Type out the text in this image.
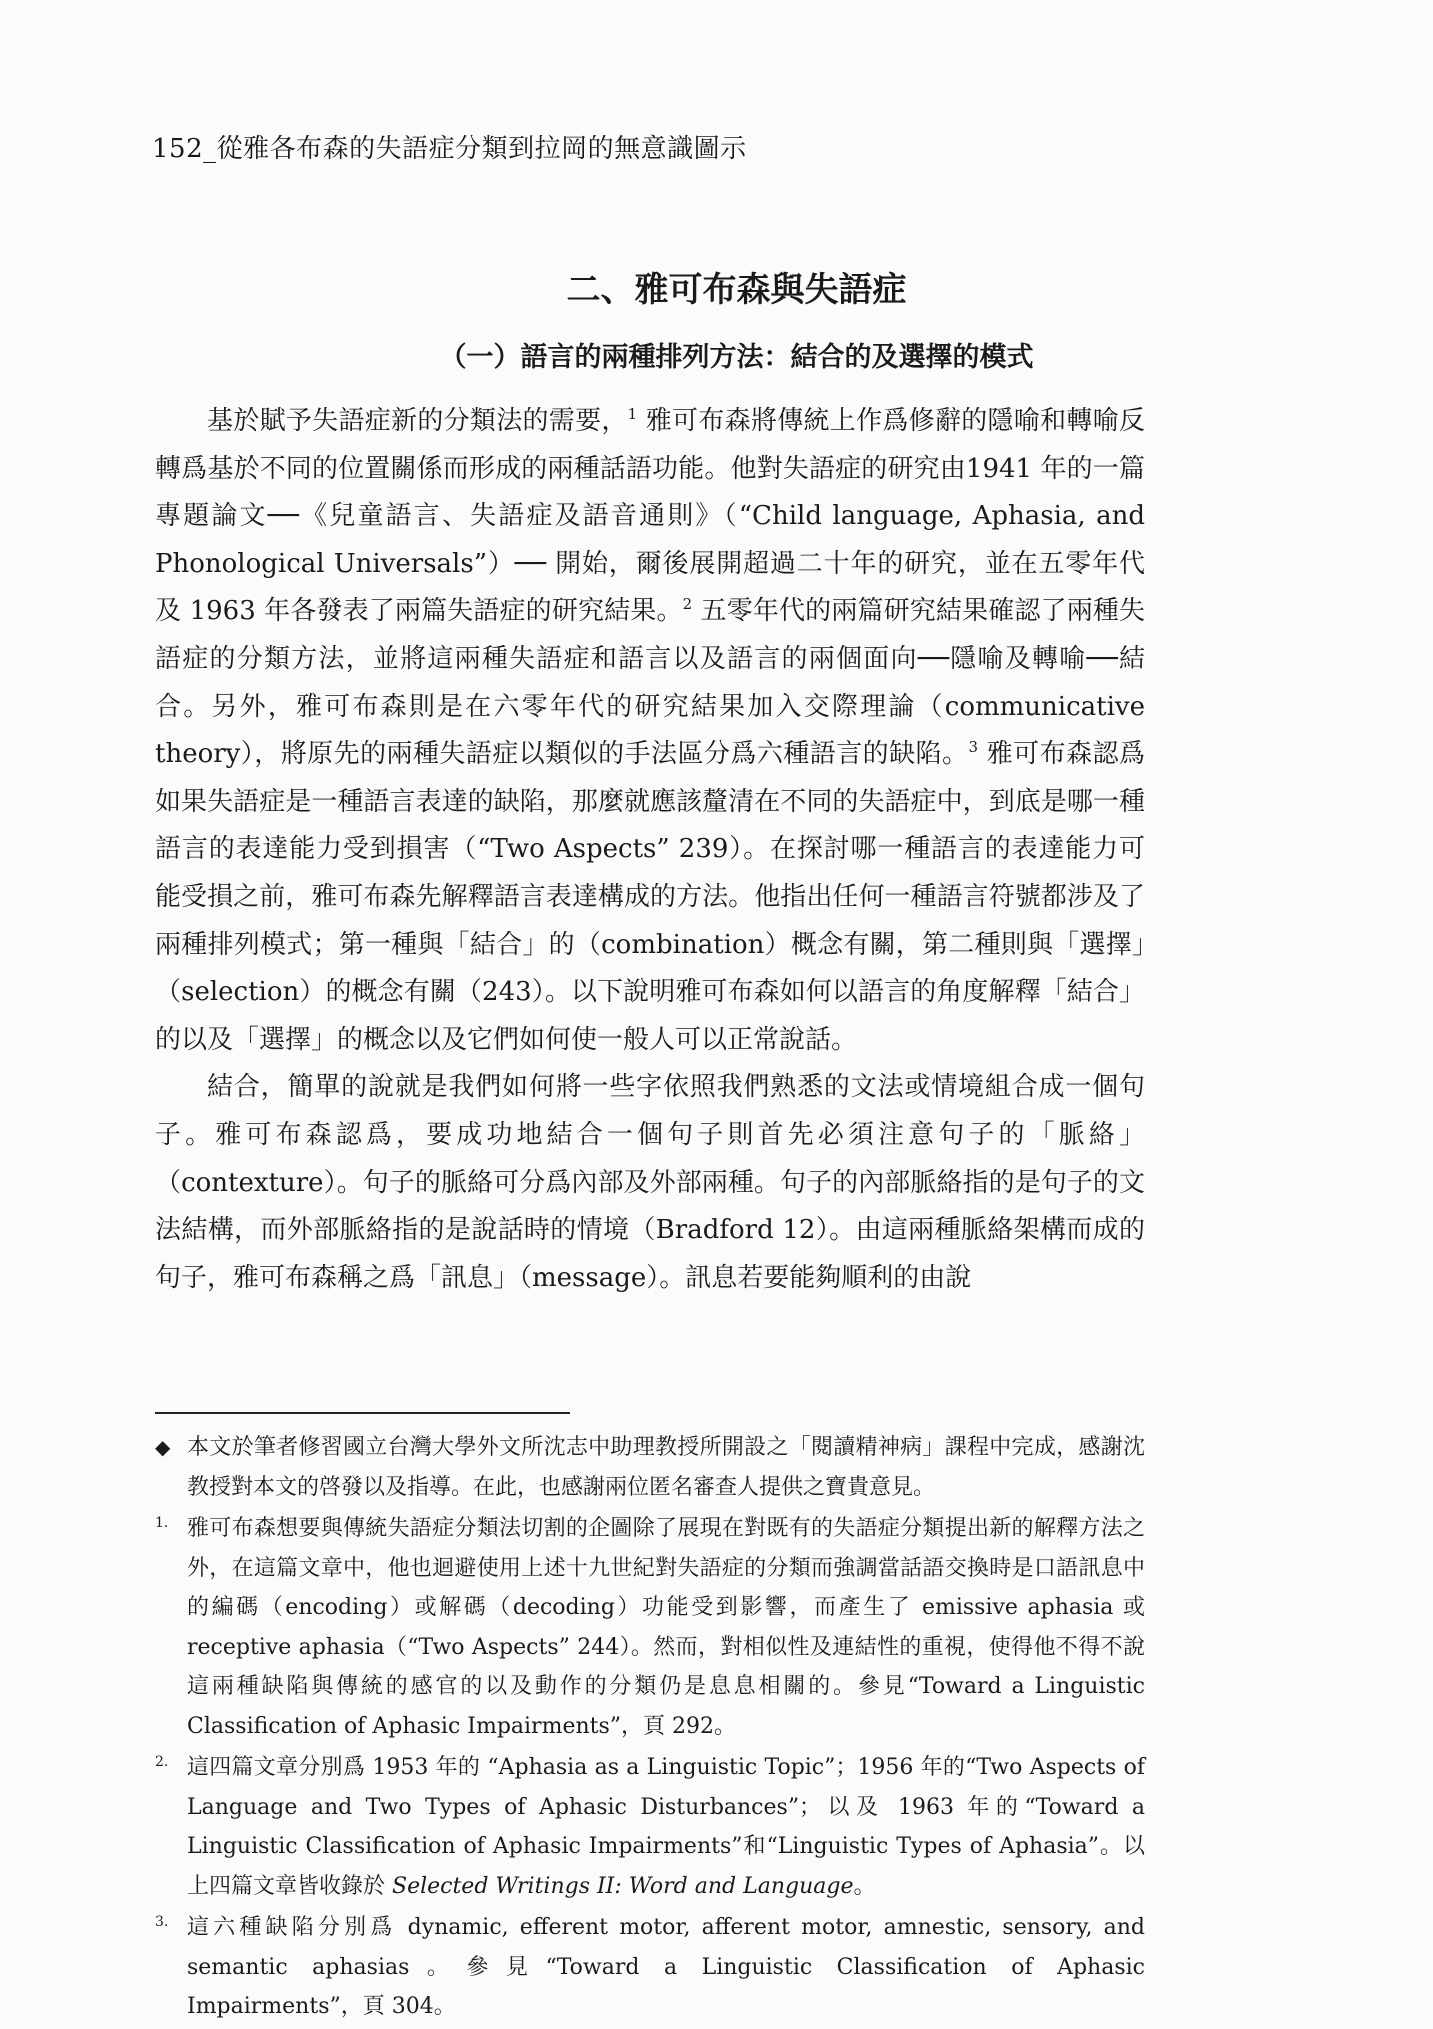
152_從雅各布森的失語症分類到拉岡的無意識圖示
二、雅可布森與失語症
（一）語言的兩種排列方法：結合的及選擇的模式

基於賦予失語症新的分類法的需要，$^1$ 雅可布森將傳統上作爲修辭的隱喻和轉喻反轉爲基於不同的位置關係而形成的兩種話語功能。他對失語症的研究由1941 年的一篇專題論文──《兒童語言、失語症及語音通則》（“Child language, Aphasia, and Phonological Universals”）── 開始，爾後展開超過二十年的研究，並在五零年代及 1963 年各發表了兩篇失語症的研究結果。$^2$ 五零年代的兩篇研究結果確認了兩種失語症的分類方法，並將這兩種失語症和語言以及語言的兩個面向──隱喻及轉喻──結合。另外，雅可布森則是在六零年代的研究結果加入交際理論（communicative theory），將原先的兩種失語症以類似的手法區分爲六種語言的缺陷。$^3$ 雅可布森認爲如果失語症是一種語言表達的缺陷，那麼就應該釐清在不同的失語症中，到底是哪一種語言的表達能力受到損害（“Two Aspects” 239）。在探討哪一種語言的表達能力可能受損之前，雅可布森先解釋語言表達構成的方法。他指出任何一種語言符號都涉及了兩種排列模式；第一種與「結合」的（combination）概念有關，第二種則與「選擇」（selection）的概念有關（243）。以下說明雅可布森如何以語言的角度解釋「結合」的以及「選擇」的概念以及它們如何使一般人可以正常說話。

結合，簡單的說就是我們如何將一些字依照我們熟悉的文法或情境組合成一個句子。雅可布森認爲，要成功地結合一個句子則首先必須注意句子的「脈絡」（contexture）。句子的脈絡可分爲內部及外部兩種。句子的內部脈絡指的是句子的文法結構，而外部脈絡指的是說話時的情境（Bradford 12）。由這兩種脈絡架構而成的句子，雅可布森稱之爲「訊息」（message）。訊息若要能夠順利的由說

◆ 本文於筆者修習國立台灣大學外文所沈志中助理教授所開設之「閱讀精神病」課程中完成，感謝沈教授對本文的啓發以及指導。在此，也感謝兩位匿名審查人提供之寶貴意見。
1. 雅可布森想要與傳統失語症分類法切割的企圖除了展現在對既有的失語症分類提出新的解釋方法之外，在這篇文章中，他也迴避使用上述十九世紀對失語症的分類而強調當話語交換時是口語訊息中的編碼（encoding）或解碼（decoding）功能受到影響，而產生了 emissive aphasia 或 receptive aphasia（“Two Aspects” 244）。然而，對相似性及連結性的重視，使得他不得不說這兩種缺陷與傳統的感官的以及動作的分類仍是息息相關的。參見“Toward a Linguistic Classification of Aphasic Impairments”，頁 292。
2. 這四篇文章分別爲 1953 年的 “Aphasia as a Linguistic Topic”；1956 年的“Two Aspects of Language and Two Types of Aphasic Disturbances”；以及 1963 年的“Toward a Linguistic Classification of Aphasic Impairments”和“Linguistic Types of Aphasia”。以上四篇文章皆收錄於 Selected Writings II: Word and Language。
3. 這六種缺陷分別爲 dynamic, efferent motor, afferent motor, amnestic, sensory, and semantic aphasias。參見“Toward a Linguistic Classification of Aphasic Impairments”，頁 304。
